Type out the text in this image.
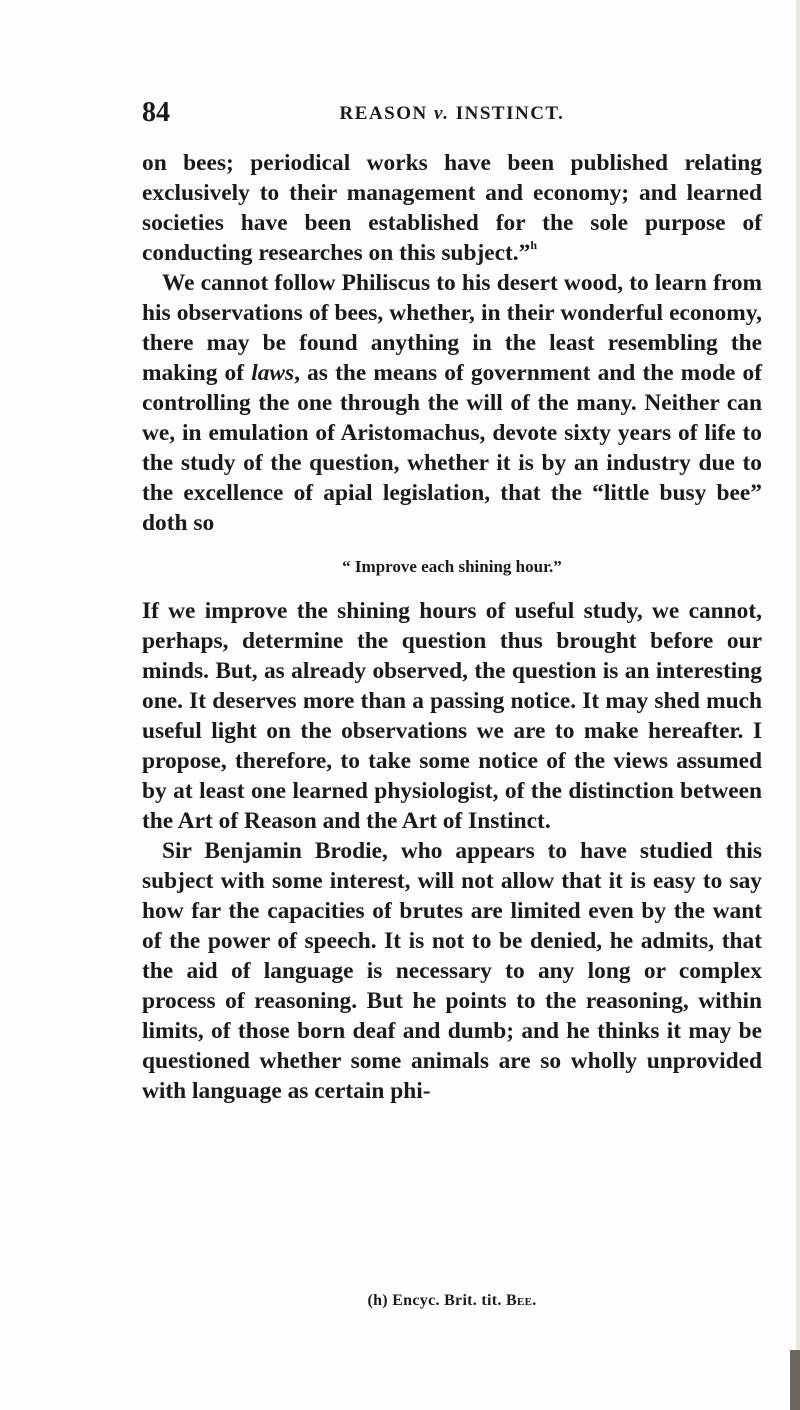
84	REASON v. INSTINCT.

on bees; periodical works have been published relating exclusively to their management and economy; and learned societies have been established for the sole purpose of conducting researches on this subject.”$^h$

We cannot follow Philiscus to his desert wood, to learn from his observations of bees, whether, in their wonderful economy, there may be found anything in the least resembling the making of laws, as the means of government and the mode of controlling the one through the will of the many. Neither can we, in emulation of Aristomachus, devote sixty years of life to the study of the question, whether it is by an industry due to the excellence of apial legislation, that the “little busy bee” doth so

“ Improve each shining hour.”

If we improve the shining hours of useful study, we cannot, perhaps, determine the question thus brought before our minds. But, as already observed, the question is an interesting one. It deserves more than a passing notice. It may shed much useful light on the observations we are to make hereafter. I propose, therefore, to take some notice of the views assumed by at least one learned physiologist, of the distinction between the Art of Reason and the Art of Instinct.

Sir Benjamin Brodie, who appears to have studied this subject with some interest, will not allow that it is easy to say how far the capacities of brutes are limited even by the want of the power of speech. It is not to be denied, he admits, that the aid of language is necessary to any long or complex process of reasoning. But he points to the reasoning, within limits, of those born deaf and dumb; and he thinks it may be questioned whether some animals are so wholly unprovided with language as certain phi-

(h) Encyc. Brit. tit. Bee.
